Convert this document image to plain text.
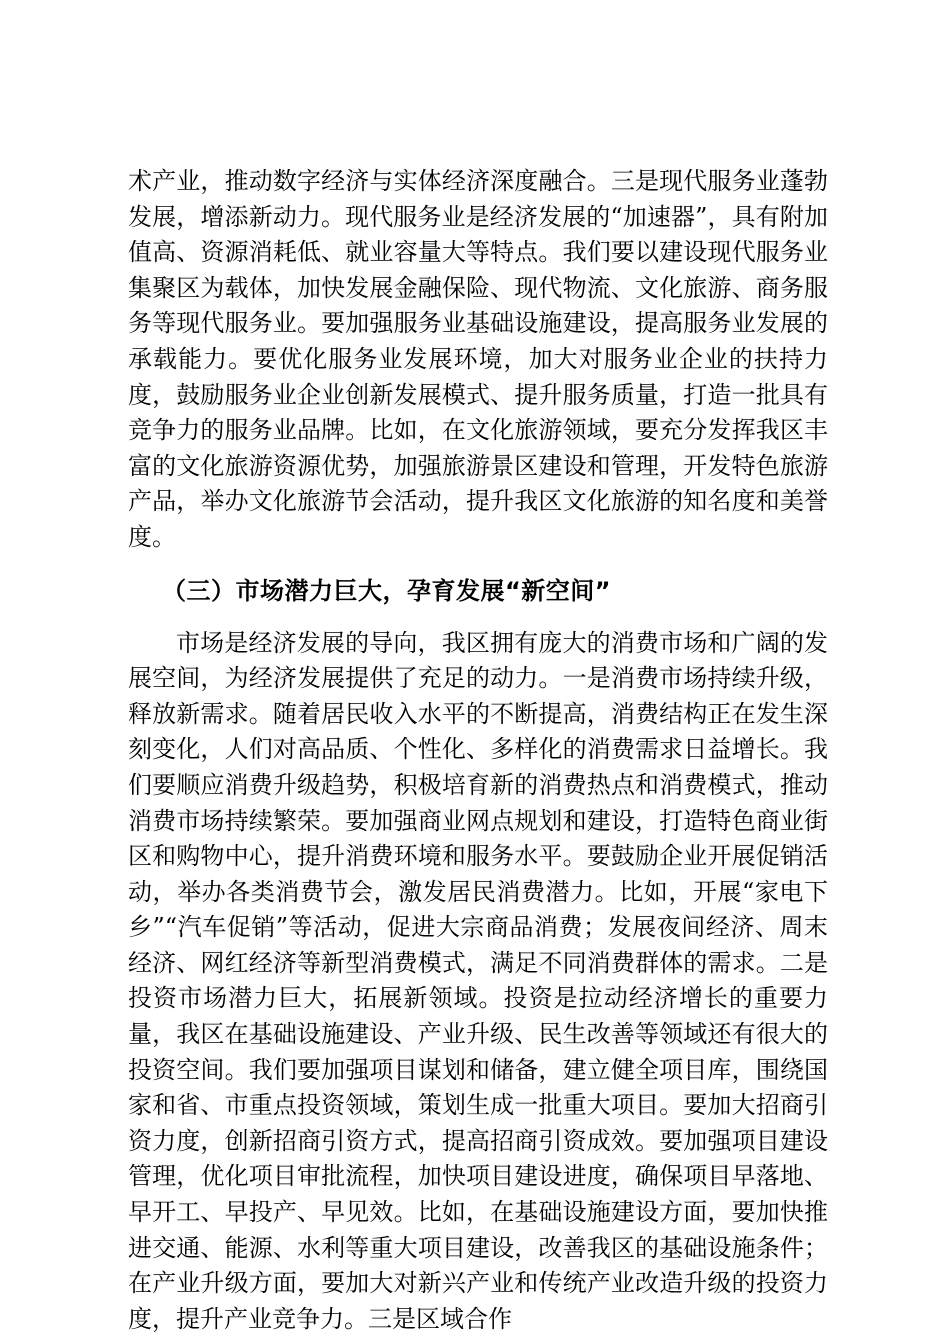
术产业，推动数字经济与实体经济深度融合。三是现代服务业蓬勃发展，增添新动力。现代服务业是经济发展的“加速器”，具有附加值高、资源消耗低、就业容量大等特点。我们要以建设现代服务业集聚区为载体，加快发展金融保险、现代物流、文化旅游、商务服务等现代服务业。要加强服务业基础设施建设，提高服务业发展的承载能力。要优化服务业发展环境，加大对服务业企业的扶持力度，鼓励服务业企业创新发展模式、提升服务质量，打造一批具有竞争力的服务业品牌。比如，在文化旅游领域，要充分发挥我区丰富的文化旅游资源优势，加强旅游景区建设和管理，开发特色旅游产品，举办文化旅游节会活动，提升我区文化旅游的知名度和美誉度。

（三）市场潜力巨大，孕育发展“新空间”

市场是经济发展的导向，我区拥有庞大的消费市场和广阔的发展空间，为经济发展提供了充足的动力。一是消费市场持续升级，释放新需求。随着居民收入水平的不断提高，消费结构正在发生深刻变化，人们对高品质、个性化、多样化的消费需求日益增长。我们要顺应消费升级趋势，积极培育新的消费热点和消费模式，推动消费市场持续繁荣。要加强商业网点规划和建设，打造特色商业街区和购物中心，提升消费环境和服务水平。要鼓励企业开展促销活动，举办各类消费节会，激发居民消费潜力。比如，开展“家电下乡”“汽车促销”等活动，促进大宗商品消费；发展夜间经济、周末经济、网红经济等新型消费模式，满足不同消费群体的需求。二是投资市场潜力巨大，拓展新领域。投资是拉动经济增长的重要力量，我区在基础设施建设、产业升级、民生改善等领域还有很大的投资空间。我们要加强项目谋划和储备，建立健全项目库，围绕国家和省、市重点投资领域，策划生成一批重大项目。要加大招商引资力度，创新招商引资方式，提高招商引资成效。要加强项目建设管理，优化项目审批流程，加快项目建设进度，确保项目早落地、早开工、早投产、早见效。比如，在基础设施建设方面，要加快推进交通、能源、水利等重大项目建设，改善我区的基础设施条件；在产业升级方面，要加大对新兴产业和传统产业改造升级的投资力度，提升产业竞争力。三是区域合作
